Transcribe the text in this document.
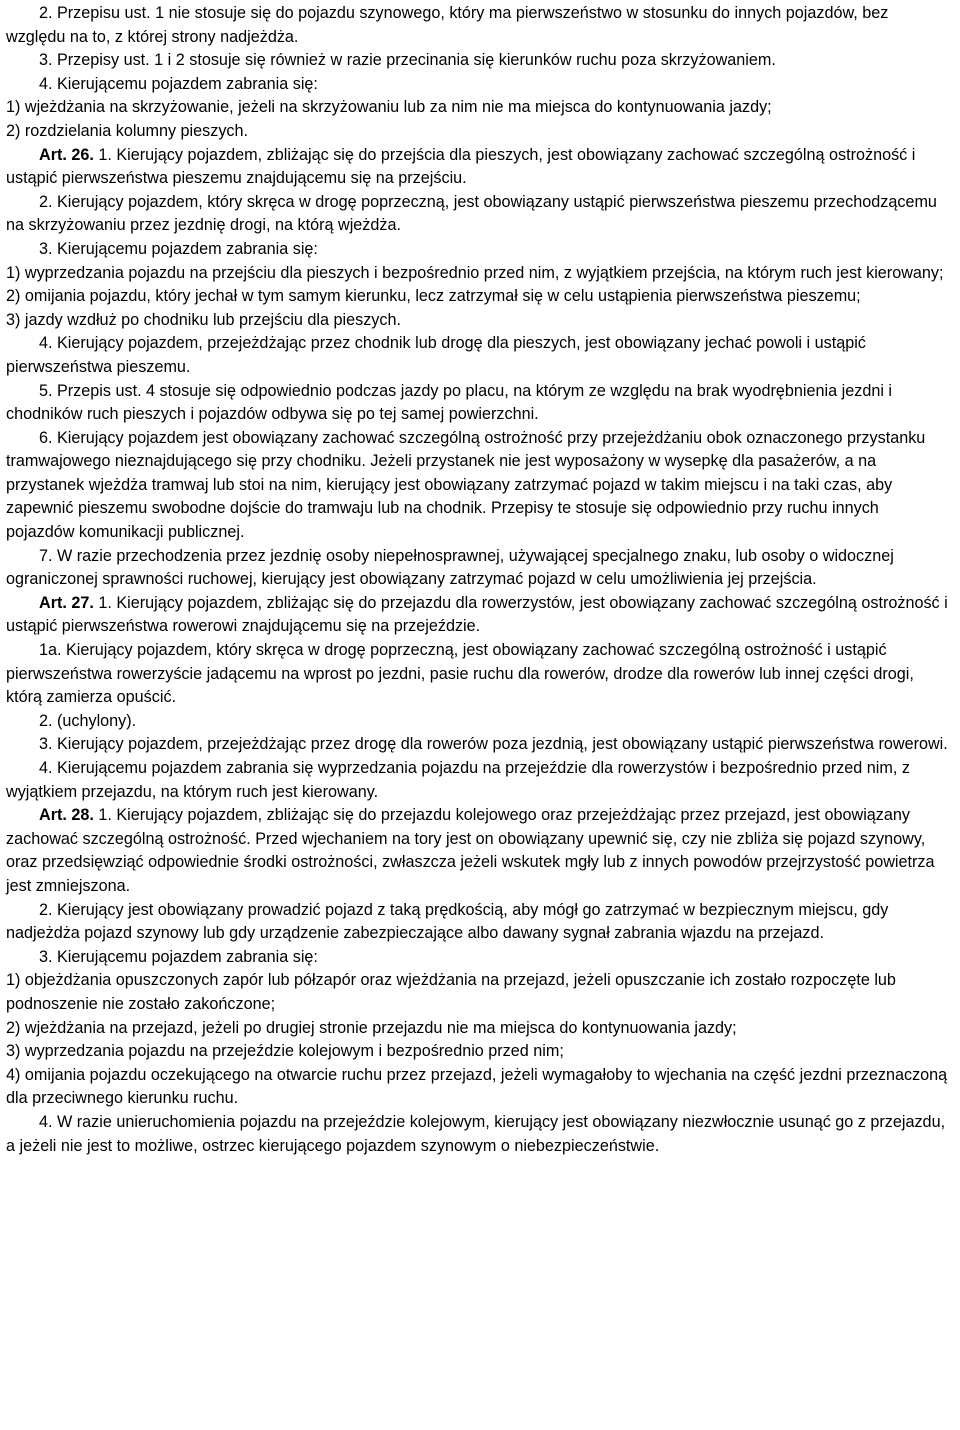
2. Przepisu ust. 1 nie stosuje się do pojazdu szynowego, który ma pierwszeństwo w stosunku do innych pojazdów, bez względu na to, z której strony nadjeżdża.

3. Przepisy ust. 1 i 2 stosuje się również w razie przecinania się kierunków ruchu poza skrzyżowaniem.

4. Kierującemu pojazdem zabrania się:

1) wjeżdżania na skrzyżowanie, jeżeli na skrzyżowaniu lub za nim nie ma miejsca do kontynuowania jazdy;

2) rozdzielania kolumny pieszych.

Art. 26. 1. Kierujący pojazdem, zbliżając się do przejścia dla pieszych, jest obowiązany zachować szczególną ostrożność i ustąpić pierwszeństwa pieszemu znajdującemu się na przejściu.

2. Kierujący pojazdem, który skręca w drogę poprzeczną, jest obowiązany ustąpić pierwszeństwa pieszemu przechodzącemu na skrzyżowaniu przez jezdnię drogi, na którą wjeżdża.

3. Kierującemu pojazdem zabrania się:

1) wyprzedzania pojazdu na przejściu dla pieszych i bezpośrednio przed nim, z wyjątkiem przejścia, na którym ruch jest kierowany;

2) omijania pojazdu, który jechał w tym samym kierunku, lecz zatrzymał się w celu ustąpienia pierwszeństwa pieszemu;

3) jazdy wzdłuż po chodniku lub przejściu dla pieszych.

4. Kierujący pojazdem, przejeżdżając przez chodnik lub drogę dla pieszych, jest obowiązany jechać powoli i ustąpić pierwszeństwa pieszemu.

5. Przepis ust. 4 stosuje się odpowiednio podczas jazdy po placu, na którym ze względu na brak wyodrębnienia jezdni i chodników ruch pieszych i pojazdów odbywa się po tej samej powierzchni.

6. Kierujący pojazdem jest obowiązany zachować szczególną ostrożność przy przejeżdżaniu obok oznaczonego przystanku tramwajowego nieznajdującego się przy chodniku. Jeżeli przystanek nie jest wyposażony w wysepkę dla pasażerów, a na przystanek wjeżdża tramwaj lub stoi na nim, kierujący jest obowiązany zatrzymać pojazd w takim miejscu i na taki czas, aby zapewnić pieszemu swobodne dojście do tramwaju lub na chodnik. Przepisy te stosuje się odpowiednio przy ruchu innych pojazdów komunikacji publicznej.

7. W razie przechodzenia przez jezdnię osoby niepełnosprawnej, używającej specjalnego znaku, lub osoby o widocznej ograniczonej sprawności ruchowej, kierujący jest obowiązany zatrzymać pojazd w celu umożliwienia jej przejścia.

Art. 27. 1. Kierujący pojazdem, zbliżając się do przejazdu dla rowerzystów, jest obowiązany zachować szczególną ostrożność i ustąpić pierwszeństwa rowerowi znajdującemu się na przejeździe.

1a. Kierujący pojazdem, który skręca w drogę poprzeczną, jest obowiązany zachować szczególną ostrożność i ustąpić pierwszeństwa rowerzyście jadącemu na wprost po jezdni, pasie ruchu dla rowerów, drodze dla rowerów lub innej części drogi, którą zamierza opuścić.

2. (uchylony).

3. Kierujący pojazdem, przejeżdżając przez drogę dla rowerów poza jezdnią, jest obowiązany ustąpić pierwszeństwa rowerowi.

4. Kierującemu pojazdem zabrania się wyprzedzania pojazdu na przejeździe dla rowerzystów i bezpośrednio przed nim, z wyjątkiem przejazdu, na którym ruch jest kierowany.

Art. 28. 1. Kierujący pojazdem, zbliżając się do przejazdu kolejowego oraz przejeżdżając przez przejazd, jest obowiązany zachować szczególną ostrożność. Przed wjechaniem na tory jest on obowiązany upewnić się, czy nie zbliża się pojazd szynowy, oraz przedsięwziąć odpowiednie środki ostrożności, zwłaszcza jeżeli wskutek mgły lub z innych powodów przejrzystość powietrza jest zmniejszona.

2. Kierujący jest obowiązany prowadzić pojazd z taką prędkością, aby mógł go zatrzymać w bezpiecznym miejscu, gdy nadjeżdża pojazd szynowy lub gdy urządzenie zabezpieczające albo dawany sygnał zabrania wjazdu na przejazd.

3. Kierującemu pojazdem zabrania się:

1) objeżdżania opuszczonych zapór lub półzapór oraz wjeżdżania na przejazd, jeżeli opuszczanie ich zostało rozpoczęte lub podnoszenie nie zostało zakończone;

2) wjeżdżania na przejazd, jeżeli po drugiej stronie przejazdu nie ma miejsca do kontynuowania jazdy;

3) wyprzedzania pojazdu na przejeździe kolejowym i bezpośrednio przed nim;

4) omijania pojazdu oczekującego na otwarcie ruchu przez przejazd, jeżeli wymagałoby to wjechania na część jezdni przeznaczoną dla przeciwnego kierunku ruchu.

4. W razie unieruchomienia pojazdu na przejeździe kolejowym, kierujący jest obowiązany niezwłocznie usunąć go z przejazdu, a jeżeli nie jest to możliwe, ostrzec kierującego pojazdem szynowym o niebezpieczeństwie.
